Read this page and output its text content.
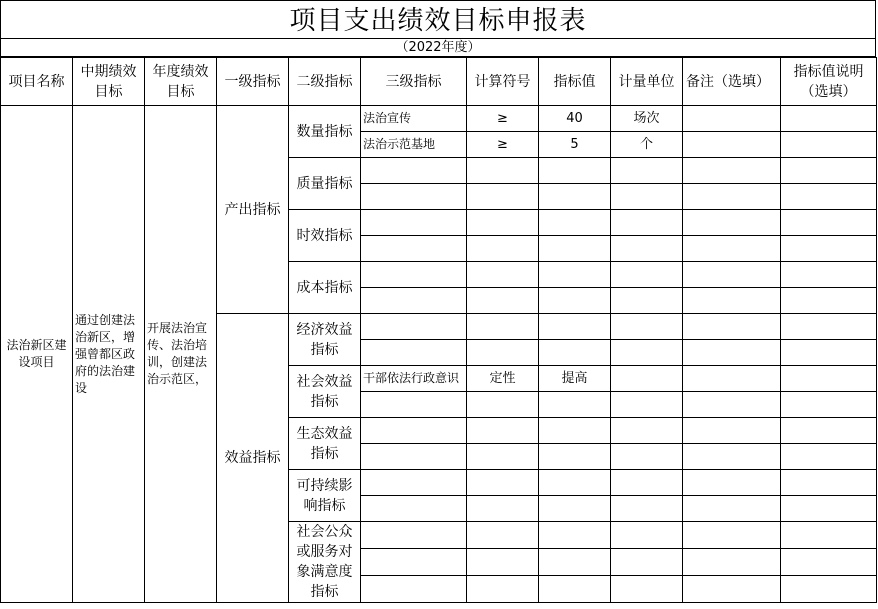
项目支出绩效目标申报表
（2022年度）
项目名称	中期绩效目标	年度绩效目标	一级指标	二级指标	三级指标	计算符号	指标值	计量单位	备注（选填）	指标值说明（选填）
法治新区建设项目	通过创建法治新区，增强曾都区政府的法治建设	开展法治宣传、法治培训，创建法治示范区，	产出指标	数量指标	法治宣传	≥	40	场次		
					法治示范基地	≥	5	个		
				质量指标						

				时效指标						

				成本指标						

			效益指标	经济效益指标						

				社会效益指标	干部依法行政意识	定性	提高			

				生态效益指标						

				可持续影响指标						

				社会公众或服务对象满意度指标						
